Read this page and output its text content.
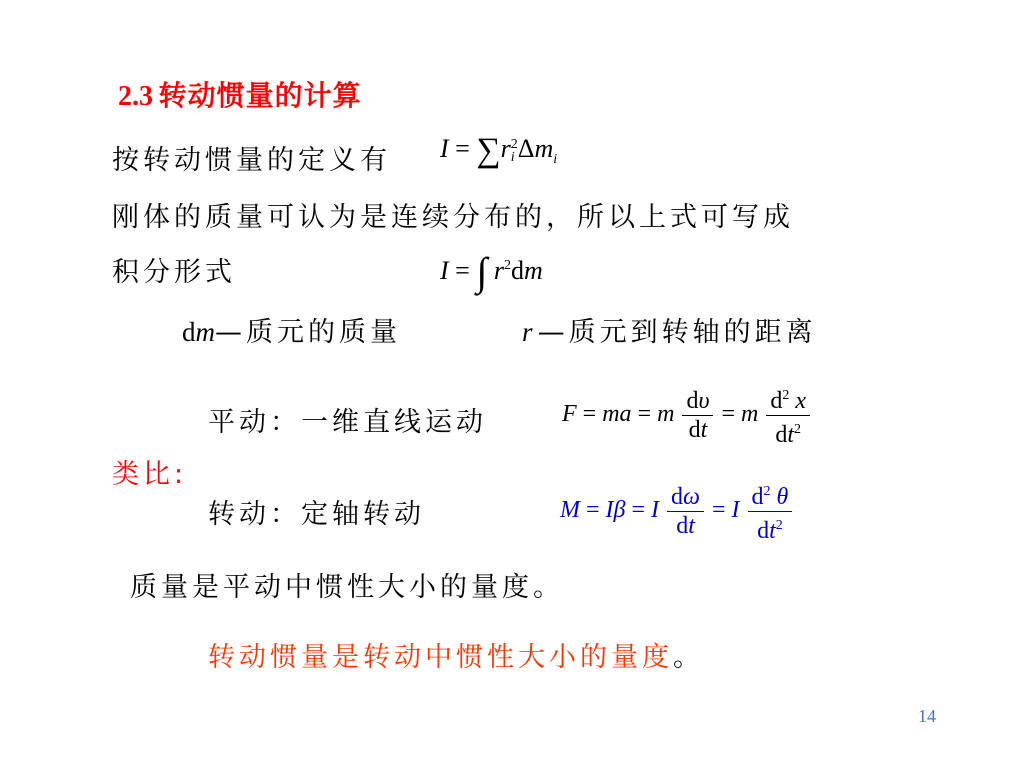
2.3 转动惯量的计算
按转动惯量的定义有 I = ∑r 2
i $\Delta m_i$
刚体的质量可认为是连续分布的，所以上式可写成
积分形式	I = ∫ $r^2dm$
dm—质元的质量	r —质元到转轴的距离
平动：一维直线运动	F = ma = m $\frac{d\upsilon}{dt} = m \frac{d^2 x}{dt^2}$
类比:
转动：定轴转动	M = Iβ = I $\frac{d\omega}{dt} = I \frac{d^2 \theta}{dt^2}$
质量是平动中惯性大小的量度。
转动惯量是转动中惯性大小的量度。
14
